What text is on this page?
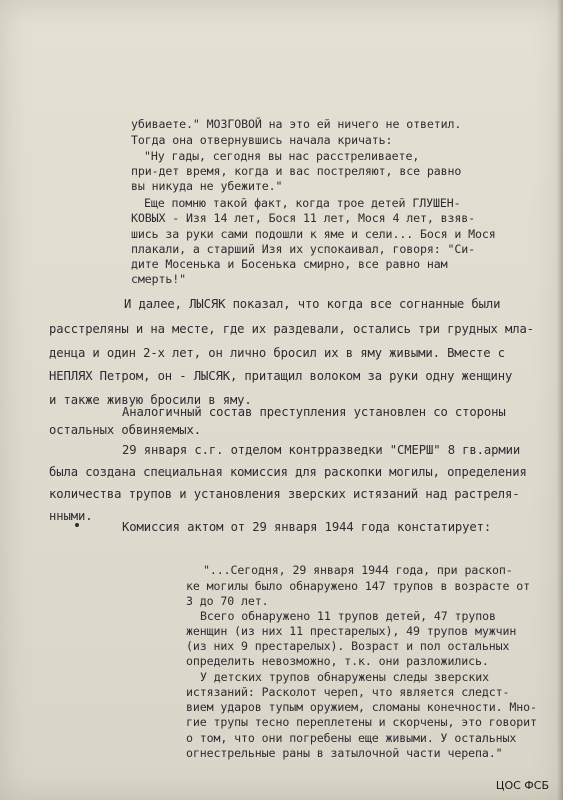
убиваете." МОЗГОВОЙ на это ей ничего не ответил.
Тогда она отвернувшись начала кричать:
"Ну гады, сегодня вы нас расстреливаете,
при-дет время, когда и вас постреляют, все равно
вы никуда не убежите."
Еще помню такой факт, когда трое детей ГЛУШЕН-
КОВЫХ - Изя 14 лет, Бося 11 лет, Мося 4 лет, взяв-
шись за руки сами подошли к яме и сели... Бося и Мося
плакали, а старший Изя их успокаивал, говоря: "Си-
дите Мосенька и Босенька смирно, все равно нам
смерть!"
И далее, ЛЫСЯК показал, что когда все согнанные были
расстреляны и на месте, где их раздевали, остались три грудных мла-
денца и один 2-х лет, он лично бросил их в яму живыми. Вместе с
НЕПЛЯХ Петром, он - ЛЫСЯК, притащил волоком за руки одну женщину
и также живую бросили в яму.
Аналогичный состав преступления установлен со стороны
остальных обвиняемых.
29 января с.г. отделом контрразведки "СМЕРШ" 8 гв.армии
была создана специальная комиссия для раскопки могилы, определения
количества трупов и установления зверских истязаний над растреля-
нными.
Комиссия актом от 29 января 1944 года констатирует:
"...Сегодня, 29 января 1944 года, при раскоп-
ке могилы было обнаружено 147 трупов в возрасте от
3 до 70 лет.
Всего обнаружено 11 трупов детей, 47 трупов
женщин (из них 11 престарелых), 49 трупов мужчин
(из них 9 престарелых). Возраст и пол остальных
определить невозможно, т.к. они разложились.
У детских трупов обнаружены следы зверских
истязаний: Расколот череп, что является следст-
вием ударов тупым оружием, сломаны конечности. Мно-
гие трупы тесно переплетены и скорчены, это говорит
о том, что они погребены еще живыми. У остальных
огнестрельные раны в затылочной части черепа."
ЦОС ФСБ
